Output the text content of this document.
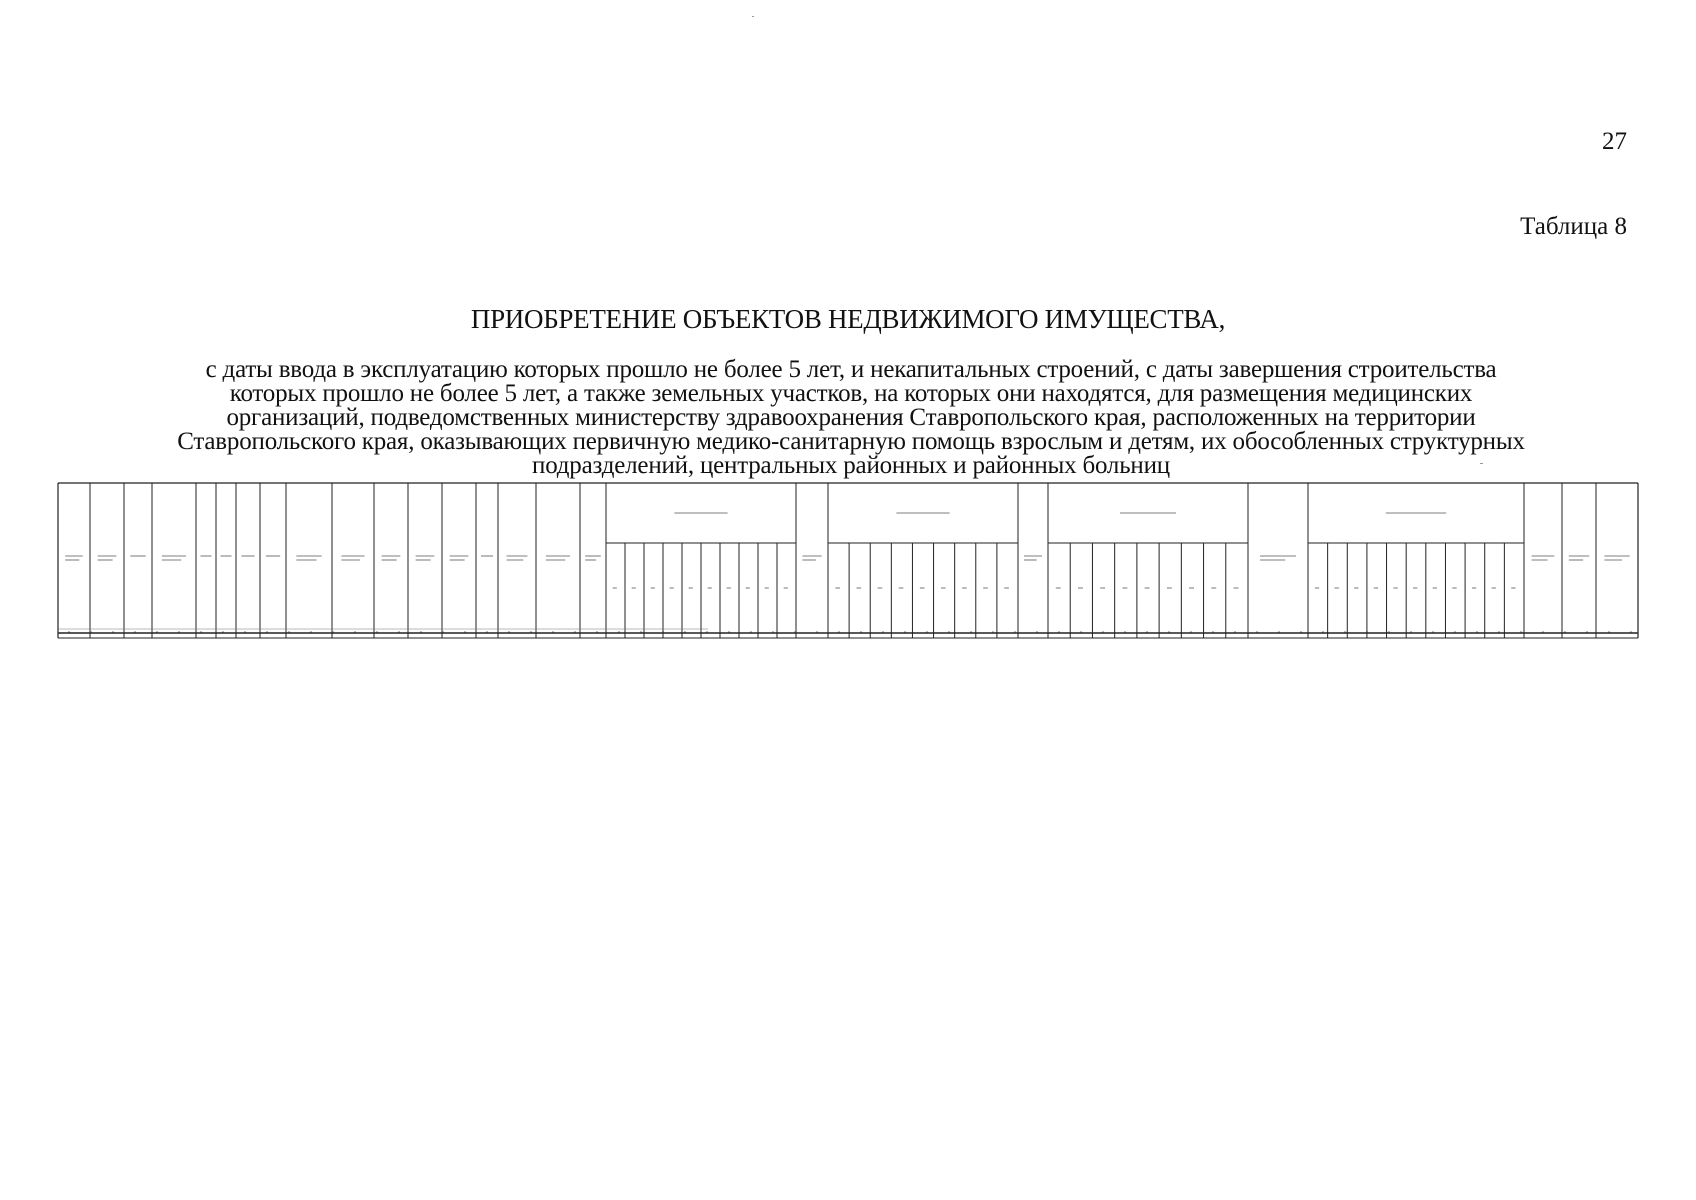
27
Таблица 8
ПРИОБРЕТЕНИЕ ОБЪЕКТОВ НЕДВИЖИМОГО ИМУЩЕСТВА,
с даты ввода в эксплуатацию которых прошло не более 5 лет, и некапитальных строений, с даты завершения строительства
которых прошло не более 5 лет, а также земельных участков, на которых они находятся, для размещения медицинских
организаций, подведомственных министерству здравоохранения Ставропольского края, расположенных на территории
Ставропольского края, оказывающих первичную медико-санитарную помощь взрослым и детям, их обособленных структурных
подразделений, центральных районных и районных больниц
